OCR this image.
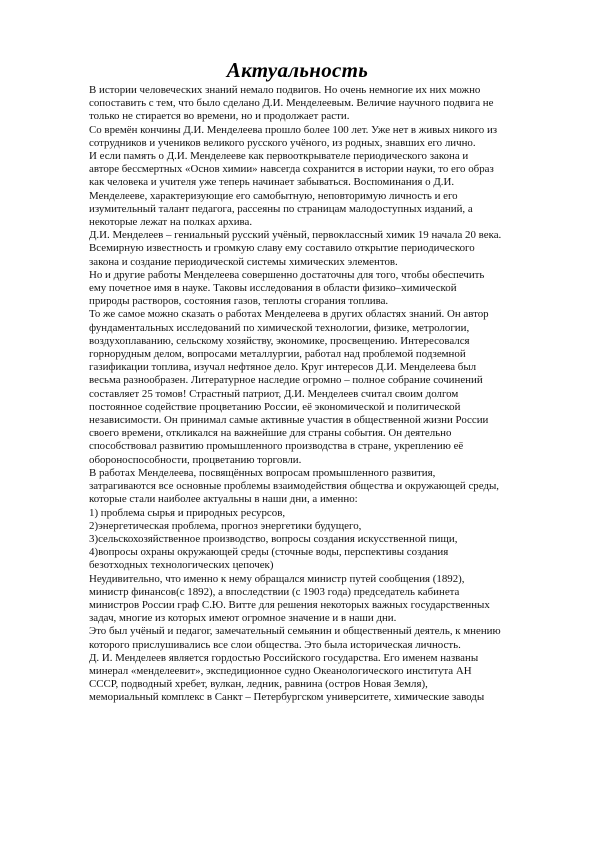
Актуальность
В истории человеческих знаний немало подвигов. Но очень немногие их них можно
сопоставить с тем, что было сделано Д.И. Менделеевым. Величие научного подвига не
только не стирается во времени, но и продолжает расти.
Со времён кончины Д.И. Менделеева прошло более 100 лет. Уже нет в живых никого из
сотрудников и учеников великого русского учёного, из родных, знавших его лично.
И если память о Д.И. Менделееве как первооткрывателе периодического закона и
авторе бессмертных «Основ химии» навсегда сохранится в истории науки, то его образ
как человека и учителя уже теперь начинает забываться. Воспоминания о Д.И.
Менделееве, характеризующие его самобытную, неповторимую личность и его
изумительный талант педагога, рассеяны по страницам малодоступных изданий, а
некоторые лежат на полках архива.
Д.И. Менделеев – гениальный русский учёный, первоклассный химик 19 начала 20 века.
Всемирную известность и громкую славу ему составило открытие периодического
закона и создание периодической системы химических элементов.
Но и другие работы Менделеева совершенно достаточны для того, чтобы обеспечить
ему почетное имя в науке. Таковы исследования в области физико–химической
природы растворов, состояния газов, теплоты сгорания топлива.
То же самое можно сказать о работах Менделеева в других областях знаний. Он автор
фундаментальных исследований по химической технологии, физике, метрологии,
воздухоплаванию, сельскому хозяйству, экономике, просвещению. Интересовался
горнорудным делом, вопросами металлургии, работал над проблемой подземной
газификации топлива, изучал нефтяное дело. Круг интересов Д.И. Менделеева был
весьма разнообразен. Литературное наследие огромно – полное собрание сочинений
составляет 25 томов! Страстный патриот, Д.И. Менделеев считал своим долгом
постоянное содействие процветанию России, её экономической и политической
независимости. Он принимал самые активные участия в общественной жизни России
своего времени, откликался на важнейшие для страны события. Он деятельно
способствовал развитию промышленного производства в стране, укреплению её
обороноспособности, процветанию торговли.
В работах Менделеева, посвящённых вопросам промышленного развития,
затрагиваются все основные проблемы взаимодействия общества и окружающей среды,
которые стали наиболее актуальны в наши дни, а именно:
1) проблема сырья и природных ресурсов,
2)энергетическая проблема, прогноз энергетики будущего,
3)сельскохозяйственное производство, вопросы создания искусственной пищи,
4)вопросы охраны окружающей среды (сточные воды, перспективы создания
безотходных технологических цепочек)
Неудивительно, что именно к нему обращался министр путей сообщения (1892),
министр финансов(с 1892), а впоследствии (с 1903 года) председатель кабинета
министров России граф С.Ю. Витте для решения некоторых важных государственных
задач, многие из которых имеют огромное значение и в наши дни.
Это был учёный и педагог, замечательный семьянин и общественный деятель, к мнению
которого прислушивались все слои общества. Это была историческая личность.
Д. И. Менделеев является гордостью Российского государства. Его именем названы
минерал «менделеевит», экспедиционное судно Океанологического института АН
СССР, подводный хребет, вулкан, ледник, равнина (остров Новая Земля),
мемориальный комплекс в Санкт – Петербургском университете, химические заводы
